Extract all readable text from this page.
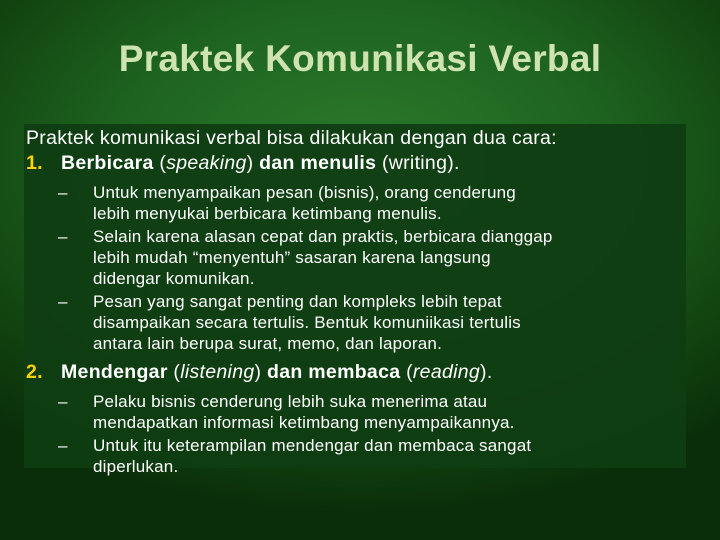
Praktek Komunikasi Verbal

Praktek komunikasi verbal bisa dilakukan dengan dua cara:

1. Berbicara (speaking) dan menulis (writing).
–	Untuk menyampaikan pesan (bisnis), orang cenderung
lebih menyukai berbicara ketimbang menulis.
–	Selain karena alasan cepat dan praktis, berbicara dianggap
lebih mudah “menyentuh” sasaran karena langsung
didengar komunikan.
–	Pesan yang sangat penting dan kompleks lebih tepat
disampaikan secara tertulis. Bentuk komuniikasi tertulis
antara lain berupa surat, memo, dan laporan.
2. Mendengar (listening) dan membaca (reading).
–	Pelaku bisnis cenderung lebih suka menerima atau
mendapatkan informasi ketimbang menyampaikannya.
–	Untuk itu keterampilan mendengar dan membaca sangat
diperlukan.
